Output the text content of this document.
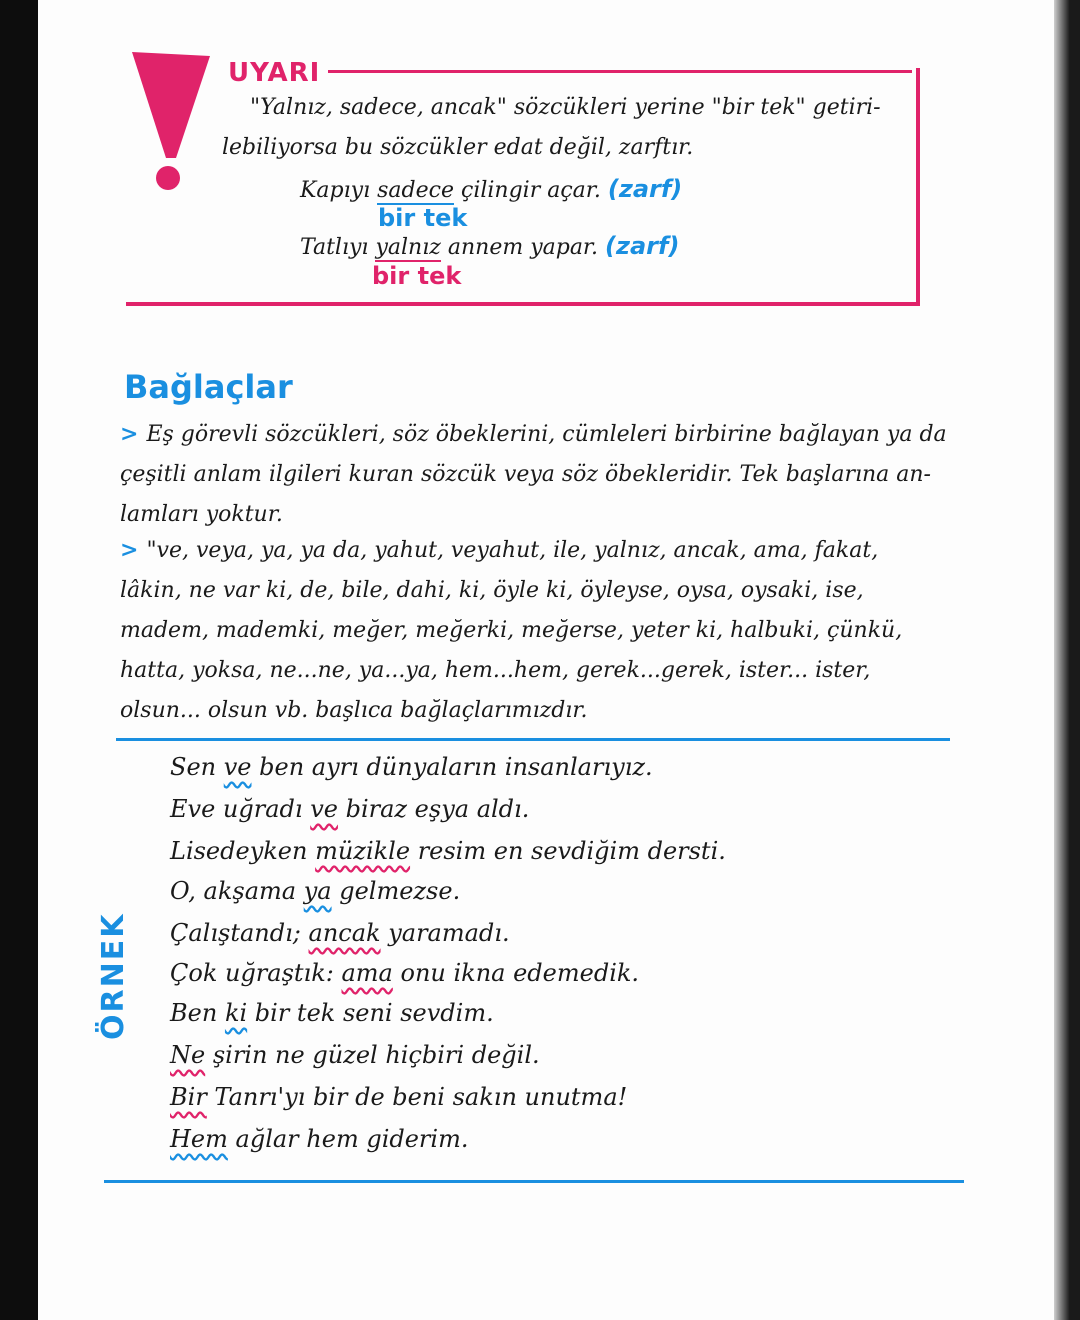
UYARI
"Yalnız, sadece, ancak" sözcükleri yerine "bir tek" getiri-
lebiliyorsa bu sözcükler edat değil, zarftır.
Kapıyı sadece çilingir açar. (zarf)
bir tek
Tatlıyı yalnız annem yapar. (zarf)
bir tek
Bağlaçlar
> Eş görevli sözcükleri, söz öbeklerini, cümleleri birbirine bağlayan ya da
çeşitli anlam ilgileri kuran sözcük veya söz öbekleridir. Tek başlarına an-
lamları yoktur.
> "ve, veya, ya, ya da, yahut, veyahut, ile, yalnız, ancak, ama, fakat,
lâkin, ne var ki, de, bile, dahi, ki, öyle ki, öyleyse, oysa, oysaki, ise,
madem, mademki, meğer, meğerki, meğerse, yeter ki, halbuki, çünkü,
hatta, yoksa, ne...ne, ya...ya, hem...hem, gerek...gerek, ister... ister,
olsun... olsun vb. başlıca bağlaçlarımızdır.
ÖRNEK
Sen ve ben ayrı dünyaların insanlarıyız.
Eve uğradı ve biraz eşya aldı.
Lisedeyken müzikle resim en sevdiğim dersti.
O, akşama ya gelmezse.
Çalıştandı; ancak yaramadı.
Çok uğraştık: ama onu ikna edemedik.
Ben ki bir tek seni sevdim.
Ne şirin ne güzel hiçbiri değil.
Bir Tanrı'yı bir de beni sakın unutma!
Hem ağlar hem giderim.
